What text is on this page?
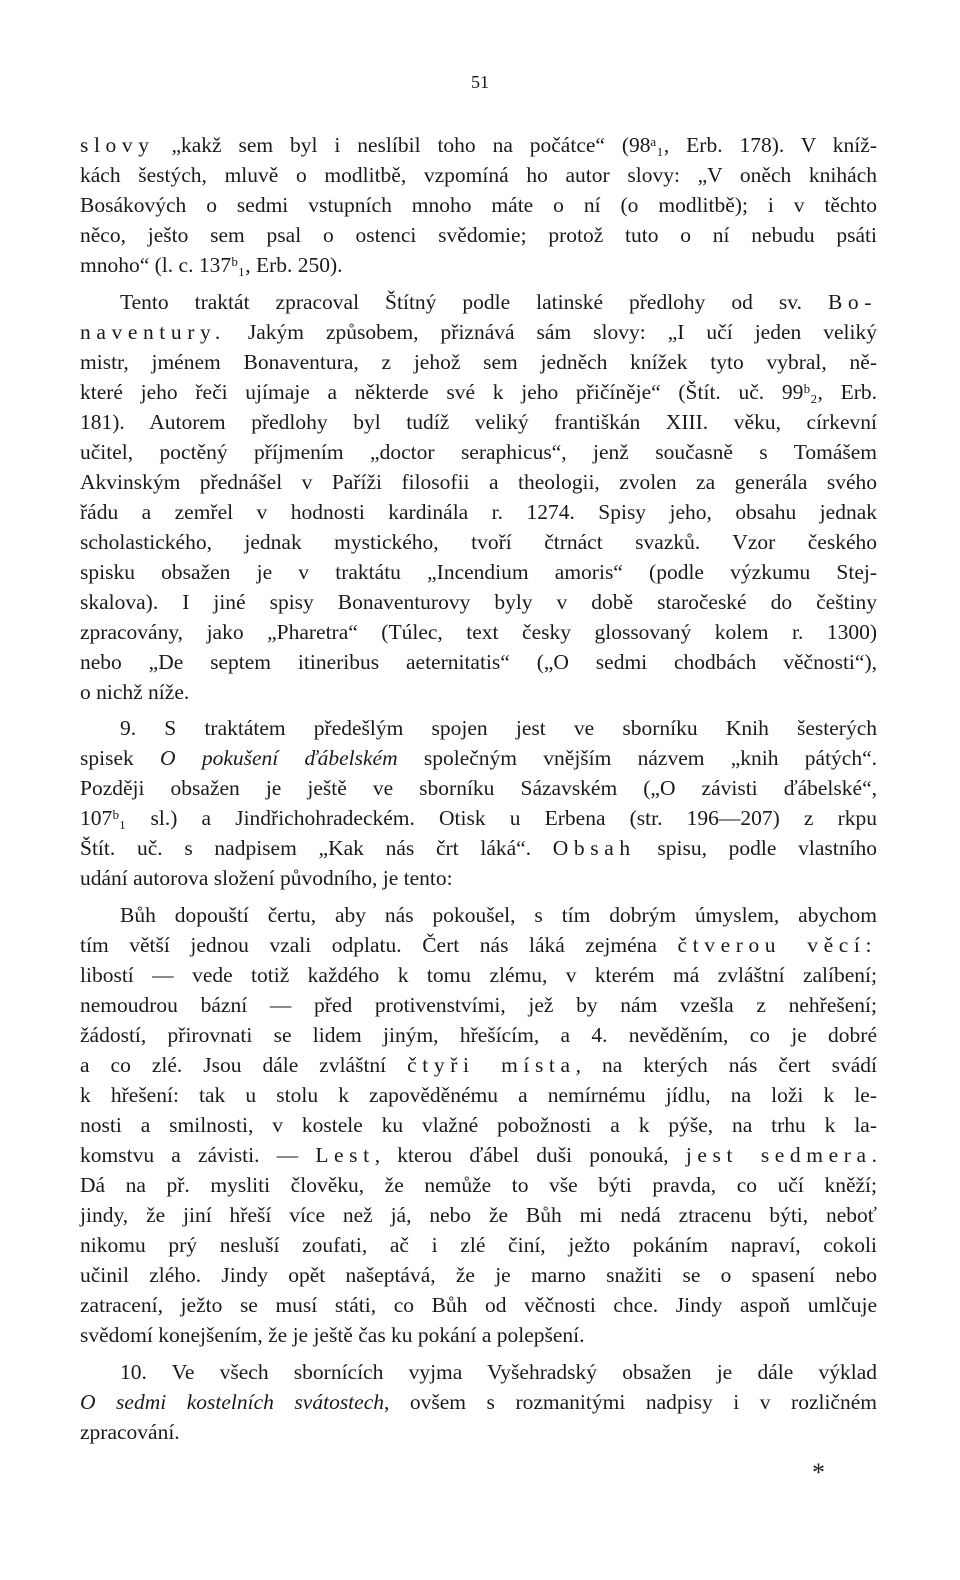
51
slovy „kakž sem byl i neslíbil toho na počátce“ (98ᵃ₁, Erb. 178). V kníž-
kách šestých, mluvě o modlitbě, vzpomíná ho autor slovy: „V oněch knihách
Bosákových o sedmi vstupních mnoho máte o ní (o modlitbě); i v těchto
něco, ješto sem psal o ostenci svědomie; protož tuto o ní nebudu psáti
mnoho“ (l. c. 137ᵇ₁, Erb. 250).
Tento traktát zpracoval Štítný podle latinské předlohy od sv. Bo-
naventury. Jakým způsobem, přiznává sám slovy: „I učí jeden veliký
mistr, jménem Bonaventura, z jehož sem jedněch knížek tyto vybral, ně-
které jeho řeči ujímaje a některde své k jeho přičíněje“ (Štít. uč. 99ᵇ₂, Erb.
181). Autorem předlohy byl tudíž veliký františkán XIII. věku, církevní
učitel, poctěný příjmením „doctor seraphicus“, jenž současně s Tomášem
Akvinským přednášel v Paříži filosofii a theologii, zvolen za generála svého
řádu a zemřel v hodnosti kardinála r. 1274. Spisy jeho, obsahu jednak
scholastického, jednak mystického, tvoří čtrnáct svazků. Vzor českého
spisku obsažen je v traktátu „Incendium amoris“ (podle výzkumu Stej-
skalova). I jiné spisy Bonaventurovy byly v době staročeské do češtiny
zpracovány, jako „Pharetra“ (Túlec, text česky glossovaný kolem r. 1300)
nebo „De septem itineribus aeternitatis“ („O sedmi chodbách věčnosti“),
o nichž níže.
9. S traktátem předešlým spojen jest ve sborníku Knih šesterých
spisek O pokušení ďábelském společným vnějším názvem „knih pátých“.
Později obsažen je ještě ve sborníku Sázavském („O závisti ďábelské“,
107ᵇ₁ sl.) a Jindřichohradeckém. Otisk u Erbena (str. 196—207) z rkpu
Štít. uč. s nadpisem „Kak nás črt láká“. Obsah spisu, podle vlastního
udání autorova složení původního, je tento:
Bůh dopouští čertu, aby nás pokoušel, s tím dobrým úmyslem, abychom
tím větší jednou vzali odplatu. Čert nás láká zejména čtverou věcí:
libostí — vede totiž každého k tomu zlému, v kterém má zvláštní zalíbení;
nemoudrou bázní — před protivenstvími, jež by nám vzešla z nehřešení;
žádostí, přirovnati se lidem jiným, hřešícím, a 4. nevěděním, co je dobré
a co zlé. Jsou dále zvláštní čtyři místa, na kterých nás čert svádí
k hřešení: tak u stolu k zapověděnému a nemírnému jídlu, na loži k le-
nosti a smilnosti, v kostele ku vlažné pobožnosti a k pýše, na trhu k la-
komstvu a závisti. — Lest, kterou ďábel duši ponouká, jest sedmera.
Dá na př. mysliti člověku, že nemůže to vše býti pravda, co učí kněží;
jindy, že jiní hřeší více než já, nebo že Bůh mi nedá ztracenu býti, neboť
nikomu prý nesluší zoufati, ač i zlé činí, ježto pokáním napraví, cokoli
učinil zlého. Jindy opět našeptává, že je marno snažiti se o spasení nebo
zatracení, ježto se musí státi, co Bůh od věčnosti chce. Jindy aspoň umlčuje
svědomí konejšením, že je ještě čas ku pokání a polepšení.
10. Ve všech sbornících vyjma Vyšehradský obsažen je dále výklad
O sedmi kostelních svátostech, ovšem s rozmanitými nadpisy i v rozličném
zpracování.
*
